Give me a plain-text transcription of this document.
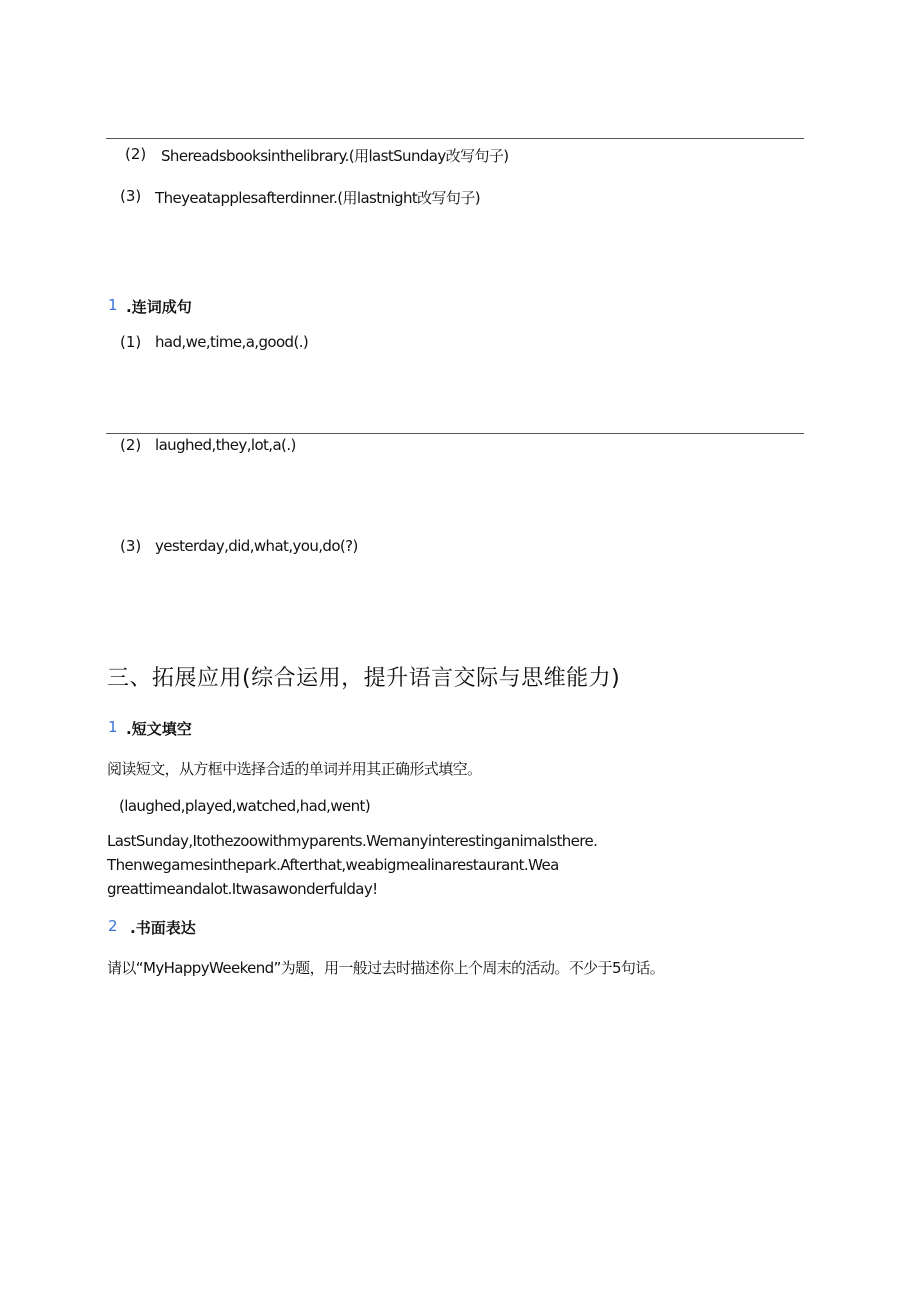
(2) Shereadsbooksinthelibrary.(用lastSunday改写句子)
(3) Theyeatapplesafterdinner.(用lastnight改写句子)
1 .连词成句
(1) had,we,time,a,good(.)
(2) laughed,they,lot,a(.)
(3) yesterday,did,what,you,do(?)
三、拓展应用(综合运用，提升语言交际与思维能力)
1 .短文填空
阅读短文，从方框中选择合适的单词并用其正确形式填空。
(laughed,played,watched,had,went)
LastSunday,Itothezoowithmyparents.Wemanyinterestinganimalsthere.
Thenwegamesinthepark.Afterthat,weabigmealinarestaurant.Wea
greattimeandalot.Itwasawonderfulday!
2 .书面表达
请以“MyHappyWeekend”为题，用一般过去时描述你上个周末的活动。不少于5句话。
